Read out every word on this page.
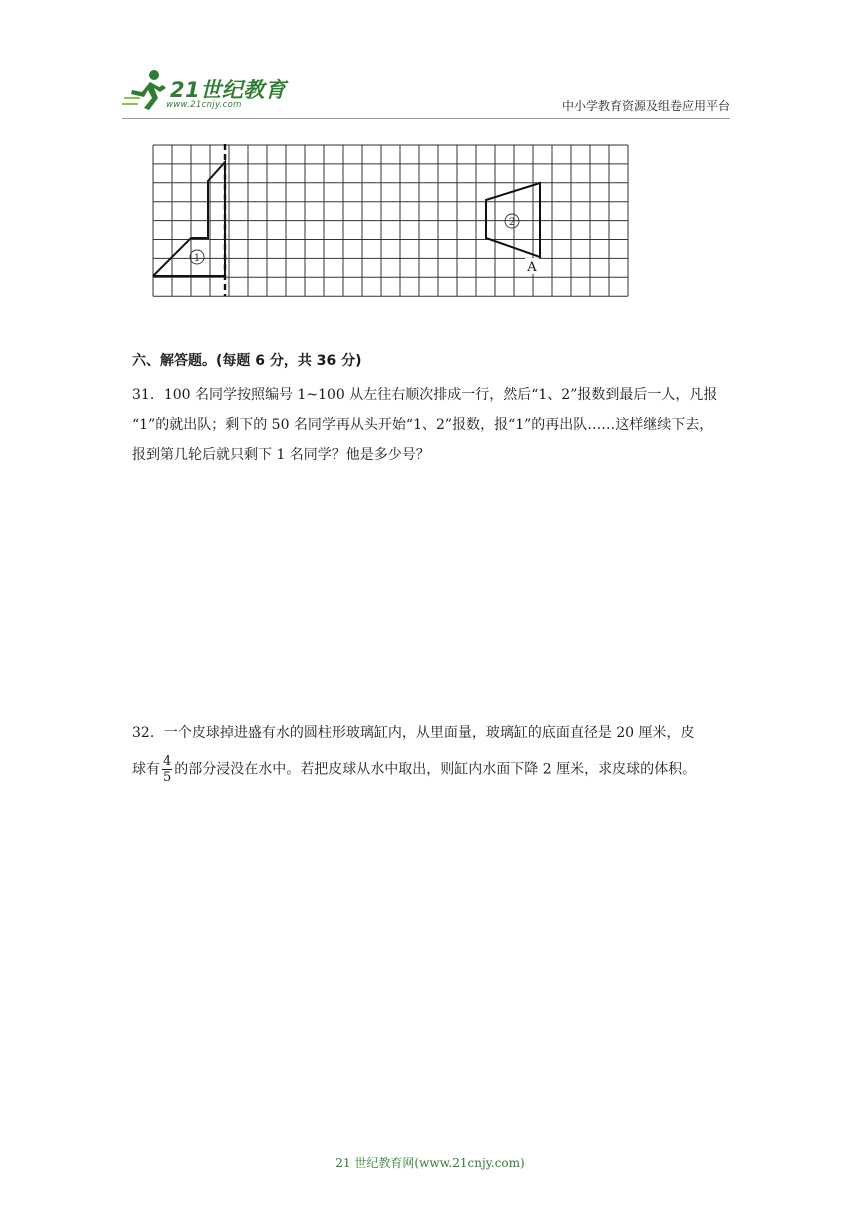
21世纪教育
www.21cnjy.com	中小学教育资源及组卷应用平台
1
2
A
六、解答题。(每题 6 分，共 36 分)
31．100 名同学按照编号 1~100 从左往右顺次排成一行，然后“1、2”报数到最后一人，凡报
“1”的就出队；剩下的 50 名同学再从头开始“1、2”报数，报“1”的再出队……这样继续下去，
报到第几轮后就只剩下 1 名同学？他是多少号？
32．一个皮球掉进盛有水的圆柱形玻璃缸内，从里面量，玻璃缸的底面直径是 20 厘米，皮
球有 $\frac{4}{5}$ 的部分浸没在水中。若把皮球从水中取出，则缸内水面下降 2 厘米，求皮球的体积。
21 世纪教育网(www.21cnjy.com)
